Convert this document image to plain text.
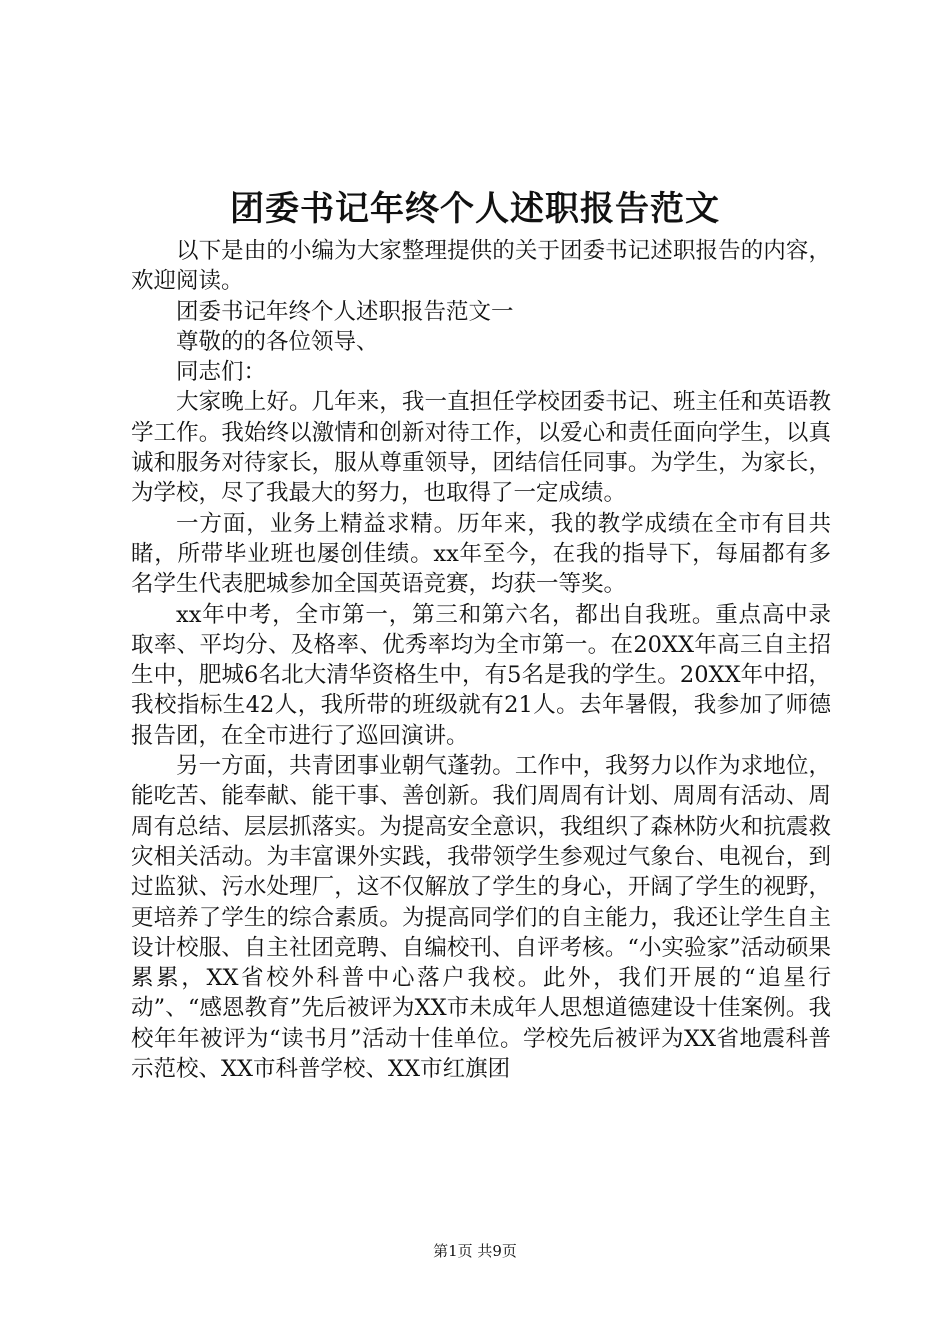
团委书记年终个人述职报告范文

以下是由的小编为大家整理提供的关于团委书记述职报告的内容，欢迎阅读。

团委书记年终个人述职报告范文一

尊敬的的各位领导、

同志们：

大家晚上好。几年来，我一直担任学校团委书记、班主任和英语教学工作。我始终以激情和创新对待工作，以爱心和责任面向学生，以真诚和服务对待家长，服从尊重领导，团结信任同事。为学生，为家长，为学校，尽了我最大的努力，也取得了一定成绩。

一方面，业务上精益求精。历年来，我的教学成绩在全市有目共睹，所带毕业班也屡创佳绩。xx年至今，在我的指导下，每届都有多名学生代表肥城参加全国英语竞赛，均获一等奖。

xx年中考，全市第一，第三和第六名，都出自我班。重点高中录取率、平均分、及格率、优秀率均为全市第一。在20XX年高三自主招生中，肥城6名北大清华资格生中，有5名是我的学生。20XX年中招，我校指标生42人，我所带的班级就有21人。去年暑假，我参加了师德报告团，在全市进行了巡回演讲。

另一方面，共青团事业朝气蓬勃。工作中，我努力以作为求地位，能吃苦、能奉献、能干事、善创新。我们周周有计划、周周有活动、周周有总结、层层抓落实。为提高安全意识，我组织了森林防火和抗震救灾相关活动。为丰富课外实践，我带领学生参观过气象台、电视台，到过监狱、污水处理厂，这不仅解放了学生的身心，开阔了学生的视野，更培养了学生的综合素质。为提高同学们的自主能力，我还让学生自主设计校服、自主社团竞聘、自编校刊、自评考核。“小实验家”活动硕果累累，XX省校外科普中心落户我校。此外，我们开展的“追星行动”、“感恩教育”先后被评为XX市未成年人思想道德建设十佳案例。我校年年被评为“读书月”活动十佳单位。学校先后被评为XX省地震科普示范校、XX市科普学校、XX市红旗团

第1页 共9页
